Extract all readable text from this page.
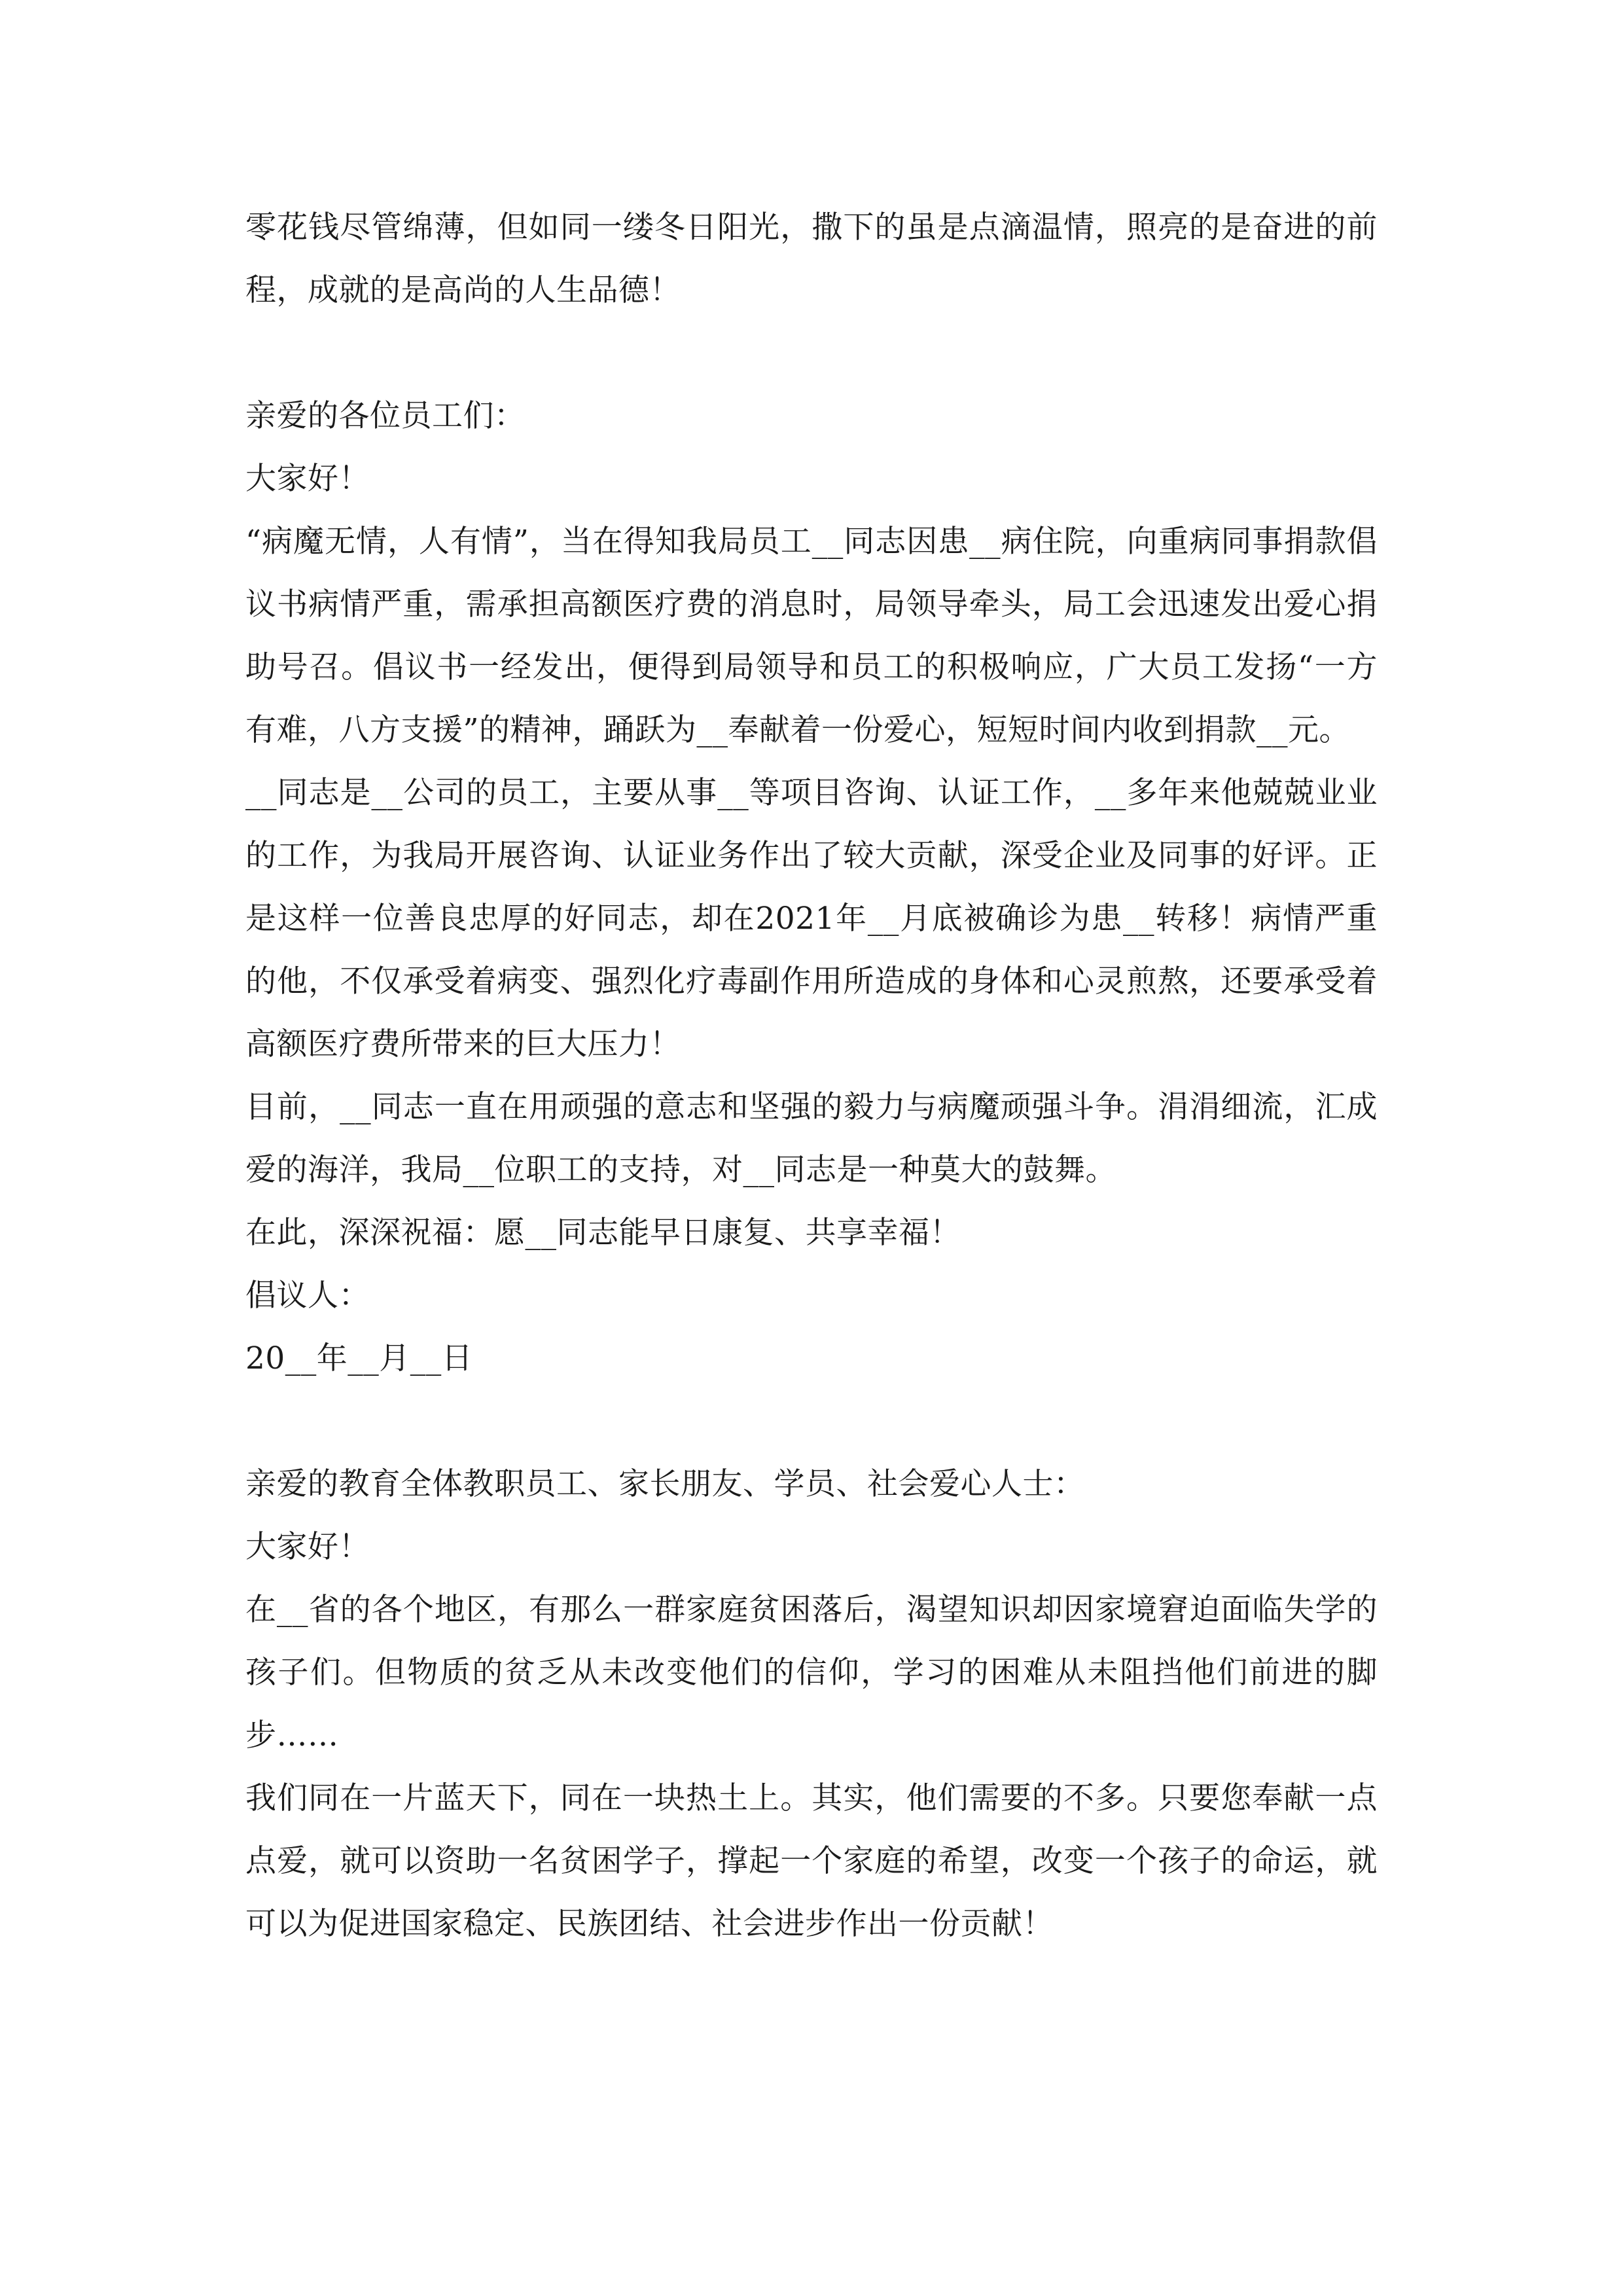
零花钱尽管绵薄，但如同一缕冬日阳光，撒下的虽是点滴温情，照亮的是奋进的前程，成就的是高尚的人生品德！

亲爱的各位员工们：

大家好！

“病魔无情，人有情”，当在得知我局员工__同志因患__病住院，向重病同事捐款倡议书病情严重，需承担高额医疗费的消息时，局领导牵头，局工会迅速发出爱心捐助号召。倡议书一经发出，便得到局领导和员工的积极响应，广大员工发扬“一方有难，八方支援”的精神，踊跃为__奉献着一份爱心，短短时间内收到捐款__元。

__同志是__公司的员工，主要从事__等项目咨询、认证工作，__多年来他兢兢业业的工作，为我局开展咨询、认证业务作出了较大贡献，深受企业及同事的好评。正是这样一位善良忠厚的好同志，却在2021年__月底被确诊为患__转移！病情严重的他，不仅承受着病变、强烈化疗毒副作用所造成的身体和心灵煎熬，还要承受着高额医疗费所带来的巨大压力！

目前，__同志一直在用顽强的意志和坚强的毅力与病魔顽强斗争。涓涓细流，汇成爱的海洋，我局__位职工的支持，对__同志是一种莫大的鼓舞。

在此，深深祝福：愿__同志能早日康复、共享幸福！

倡议人：

20__年__月__日

亲爱的教育全体教职员工、家长朋友、学员、社会爱心人士：

大家好！

在__省的各个地区，有那么一群家庭贫困落后，渴望知识却因家境窘迫面临失学的孩子们。但物质的贫乏从未改变他们的信仰，学习的困难从未阻挡他们前进的脚步……

我们同在一片蓝天下，同在一块热土上。其实，他们需要的不多。只要您奉献一点点爱，就可以资助一名贫困学子，撑起一个家庭的希望，改变一个孩子的命运，就可以为促进国家稳定、民族团结、社会进步作出一份贡献！
